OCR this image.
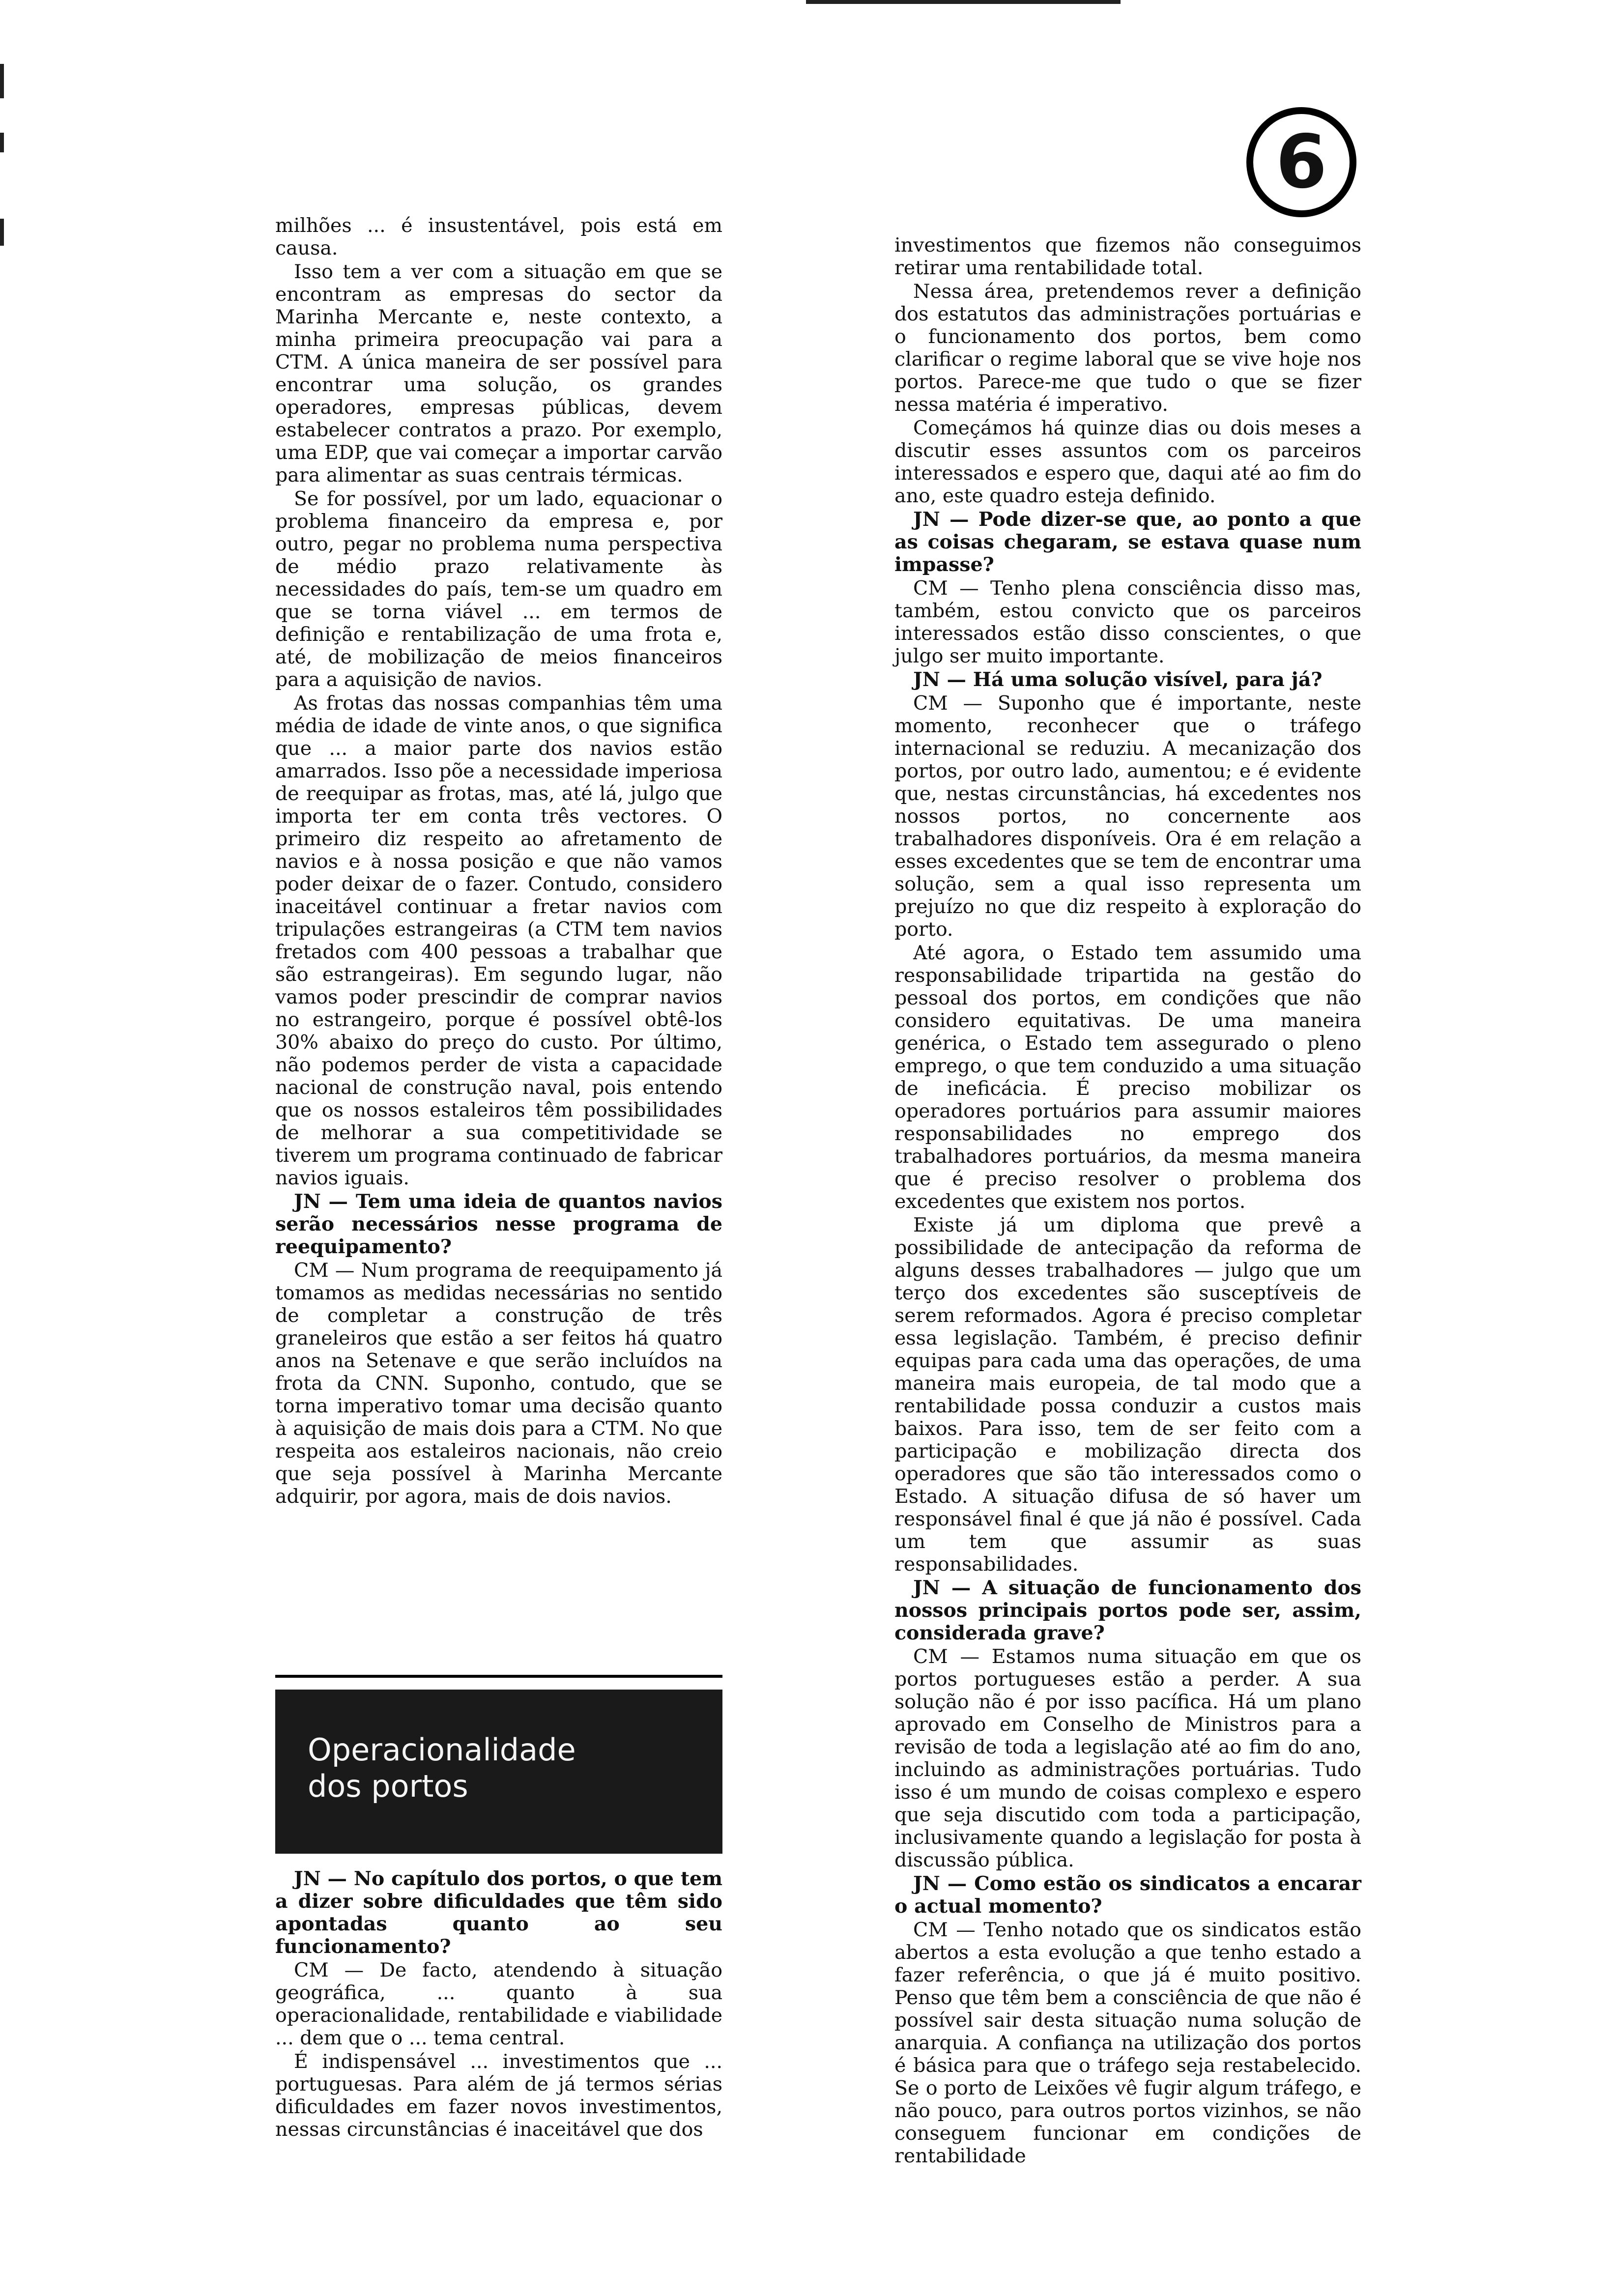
6

milhões ... é insustentável, pois está em causa.

Isso tem a ver com a situação em que se encontram as empresas do sector da Marinha Mercante e, neste contexto, a minha primeira preocupação vai para a CTM. A única maneira de ser possível para encontrar uma solução, os grandes operadores, empresas públicas, devem estabelecer contratos a prazo. Por exemplo, uma EDP, que vai começar a importar carvão para alimentar as suas centrais térmicas.

Se for possível, por um lado, equacionar o problema financeiro da empresa e, por outro, pegar no problema numa perspectiva de médio prazo relativamente às necessidades do país, tem-se um quadro em que se torna viável ... em termos de definição e rentabilização de uma frota e, até, de mobilização de meios financeiros para a aquisição de navios.

As frotas das nossas companhias têm uma média de idade de vinte anos, o que significa que ... a maior parte dos navios estão amarrados. Isso põe a necessidade imperiosa de reequipar as frotas, mas, até lá, julgo que importa ter em conta três vectores. O primeiro diz respeito ao afretamento de navios e à nossa posição e que não vamos poder deixar de o fazer. Contudo, considero inaceitável continuar a fretar navios com tripulações estrangeiras (a CTM tem navios fretados com 400 pessoas a trabalhar que são estrangeiras). Em segundo lugar, não vamos poder prescindir de comprar navios no estrangeiro, porque é possível obtê-los 30% abaixo do preço do custo. Por último, não podemos perder de vista a capacidade nacional de construção naval, pois entendo que os nossos estaleiros têm possibilidades de melhorar a sua competitividade se tiverem um programa continuado de fabricar navios iguais.

JN — Tem uma ideia de quantos navios serão necessários nesse programa de reequipamento?

CM — Num programa de reequipamento já tomamos as medidas necessárias no sentido de completar a construção de três graneleiros que estão a ser feitos há quatro anos na Setenave e que serão incluídos na frota da CNN. Suponho, contudo, que se torna imperativo tomar uma decisão quanto à aquisição de mais dois para a CTM. No que respeita aos estaleiros nacionais, não creio que seja possível à Marinha Mercante adquirir, por agora, mais de dois navios.

Operacionalidade
dos portos

JN — No capítulo dos portos, o que tem a dizer sobre dificuldades que têm sido apontadas quanto ao seu funcionamento?

CM — De facto, atendendo à situação geográfica, ... quanto à sua operacionalidade, rentabilidade e viabilidade ... dem que o ... tema central.

É indispensável ... investimentos que ... portuguesas. Para além de já termos sérias dificuldades em fazer novos investimentos, nessas circunstâncias é inaceitável que dos

investimentos que fizemos não conseguimos retirar uma rentabilidade total.

Nessa área, pretendemos rever a definição dos estatutos das administrações portuárias e o funcionamento dos portos, bem como clarificar o regime laboral que se vive hoje nos portos. Parece-me que tudo o que se fizer nessa matéria é imperativo.

Começámos há quinze dias ou dois meses a discutir esses assuntos com os parceiros interessados e espero que, daqui até ao fim do ano, este quadro esteja definido.

JN — Pode dizer-se que, ao ponto a que as coisas chegaram, se estava quase num impasse?

CM — Tenho plena consciência disso mas, também, estou convicto que os parceiros interessados estão disso conscientes, o que julgo ser muito importante.

JN — Há uma solução visível, para já?

CM — Suponho que é importante, neste momento, reconhecer que o tráfego internacional se reduziu. A mecanização dos portos, por outro lado, aumentou; e é evidente que, nestas circunstâncias, há excedentes nos nossos portos, no concernente aos trabalhadores disponíveis. Ora é em relação a esses excedentes que se tem de encontrar uma solução, sem a qual isso representa um prejuízo no que diz respeito à exploração do porto.

Até agora, o Estado tem assumido uma responsabilidade tripartida na gestão do pessoal dos portos, em condições que não considero equitativas. De uma maneira genérica, o Estado tem assegurado o pleno emprego, o que tem conduzido a uma situação de ineficácia. É preciso mobilizar os operadores portuários para assumir maiores responsabilidades no emprego dos trabalhadores portuários, da mesma maneira que é preciso resolver o problema dos excedentes que existem nos portos.

Existe já um diploma que prevê a possibilidade de antecipação da reforma de alguns desses trabalhadores — julgo que um terço dos excedentes são susceptíveis de serem reformados. Agora é preciso completar essa legislação. Também, é preciso definir equipas para cada uma das operações, de uma maneira mais europeia, de tal modo que a rentabilidade possa conduzir a custos mais baixos. Para isso, tem de ser feito com a participação e mobilização directa dos operadores que são tão interessados como o Estado. A situação difusa de só haver um responsável final é que já não é possível. Cada um tem que assumir as suas responsabilidades.

JN — A situação de funcionamento dos nossos principais portos pode ser, assim, considerada grave?

CM — Estamos numa situação em que os portos portugueses estão a perder. A sua solução não é por isso pacífica. Há um plano aprovado em Conselho de Ministros para a revisão de toda a legislação até ao fim do ano, incluindo as administrações portuárias. Tudo isso é um mundo de coisas complexo e espero que seja discutido com toda a participação, inclusivamente quando a legislação for posta à discussão pública.

JN — Como estão os sindicatos a encarar o actual momento?

CM — Tenho notado que os sindicatos estão abertos a esta evolução a que tenho estado a fazer referência, o que já é muito positivo. Penso que têm bem a consciência de que não é possível sair desta situação numa solução de anarquia. A confiança na utilização dos portos é básica para que o tráfego seja restabelecido. Se o porto de Leixões vê fugir algum tráfego, e não pouco, para outros portos vizinhos, se não conseguem funcionar em condições de rentabilidade
